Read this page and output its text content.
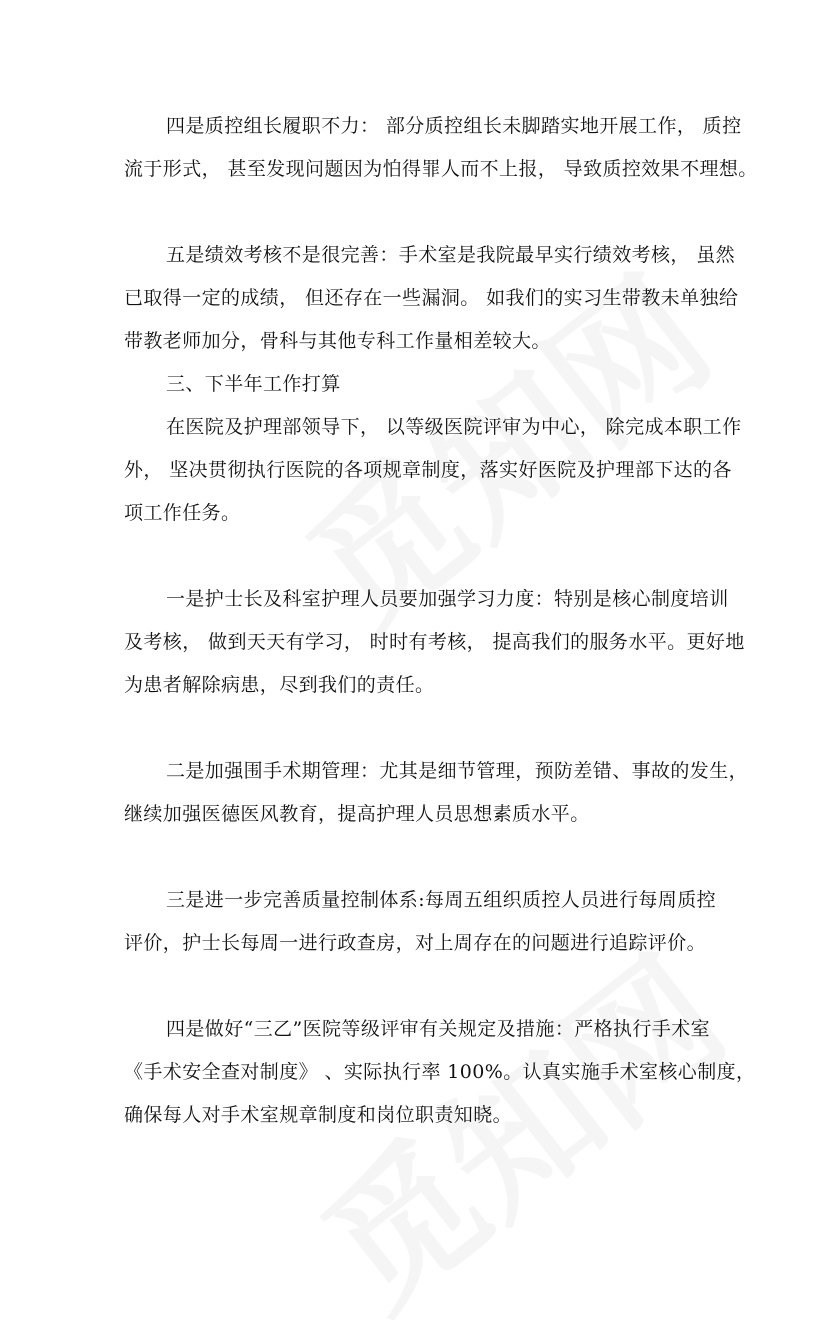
四是质控组长履职不力： 部分质控组长未脚踏实地开展工作， 质控
流于形式， 甚至发现问题因为怕得罪人而不上报， 导致质控效果不理想。
五是绩效考核不是很完善：手术室是我院最早实行绩效考核， 虽然
已取得一定的成绩， 但还存在一些漏洞。 如我们的实习生带教未单独给
带教老师加分，骨科与其他专科工作量相差较大。
三、下半年工作打算
在医院及护理部领导下， 以等级医院评审为中心， 除完成本职工作
外， 坚决贯彻执行医院的各项规章制度，落实好医院及护理部下达的各
项工作任务。
一是护士长及科室护理人员要加强学习力度：特别是核心制度培训
及考核， 做到天天有学习， 时时有考核， 提高我们的服务水平。更好地
为患者解除病患，尽到我们的责任。
二是加强围手术期管理：尤其是细节管理，预防差错、事故的发生，
继续加强医德医风教育，提高护理人员思想素质水平。
三是进一步完善质量控制体系:每周五组织质控人员进行每周质控
评价，护士长每周一进行政查房，对上周存在的问题进行追踪评价。
四是做好“三乙”医院等级评审有关规定及措施：严格执行手术室
《手术安全查对制度》 、实际执行率 100%。认真实施手术室核心制度，
确保每人对手术室规章制度和岗位职责知晓。
